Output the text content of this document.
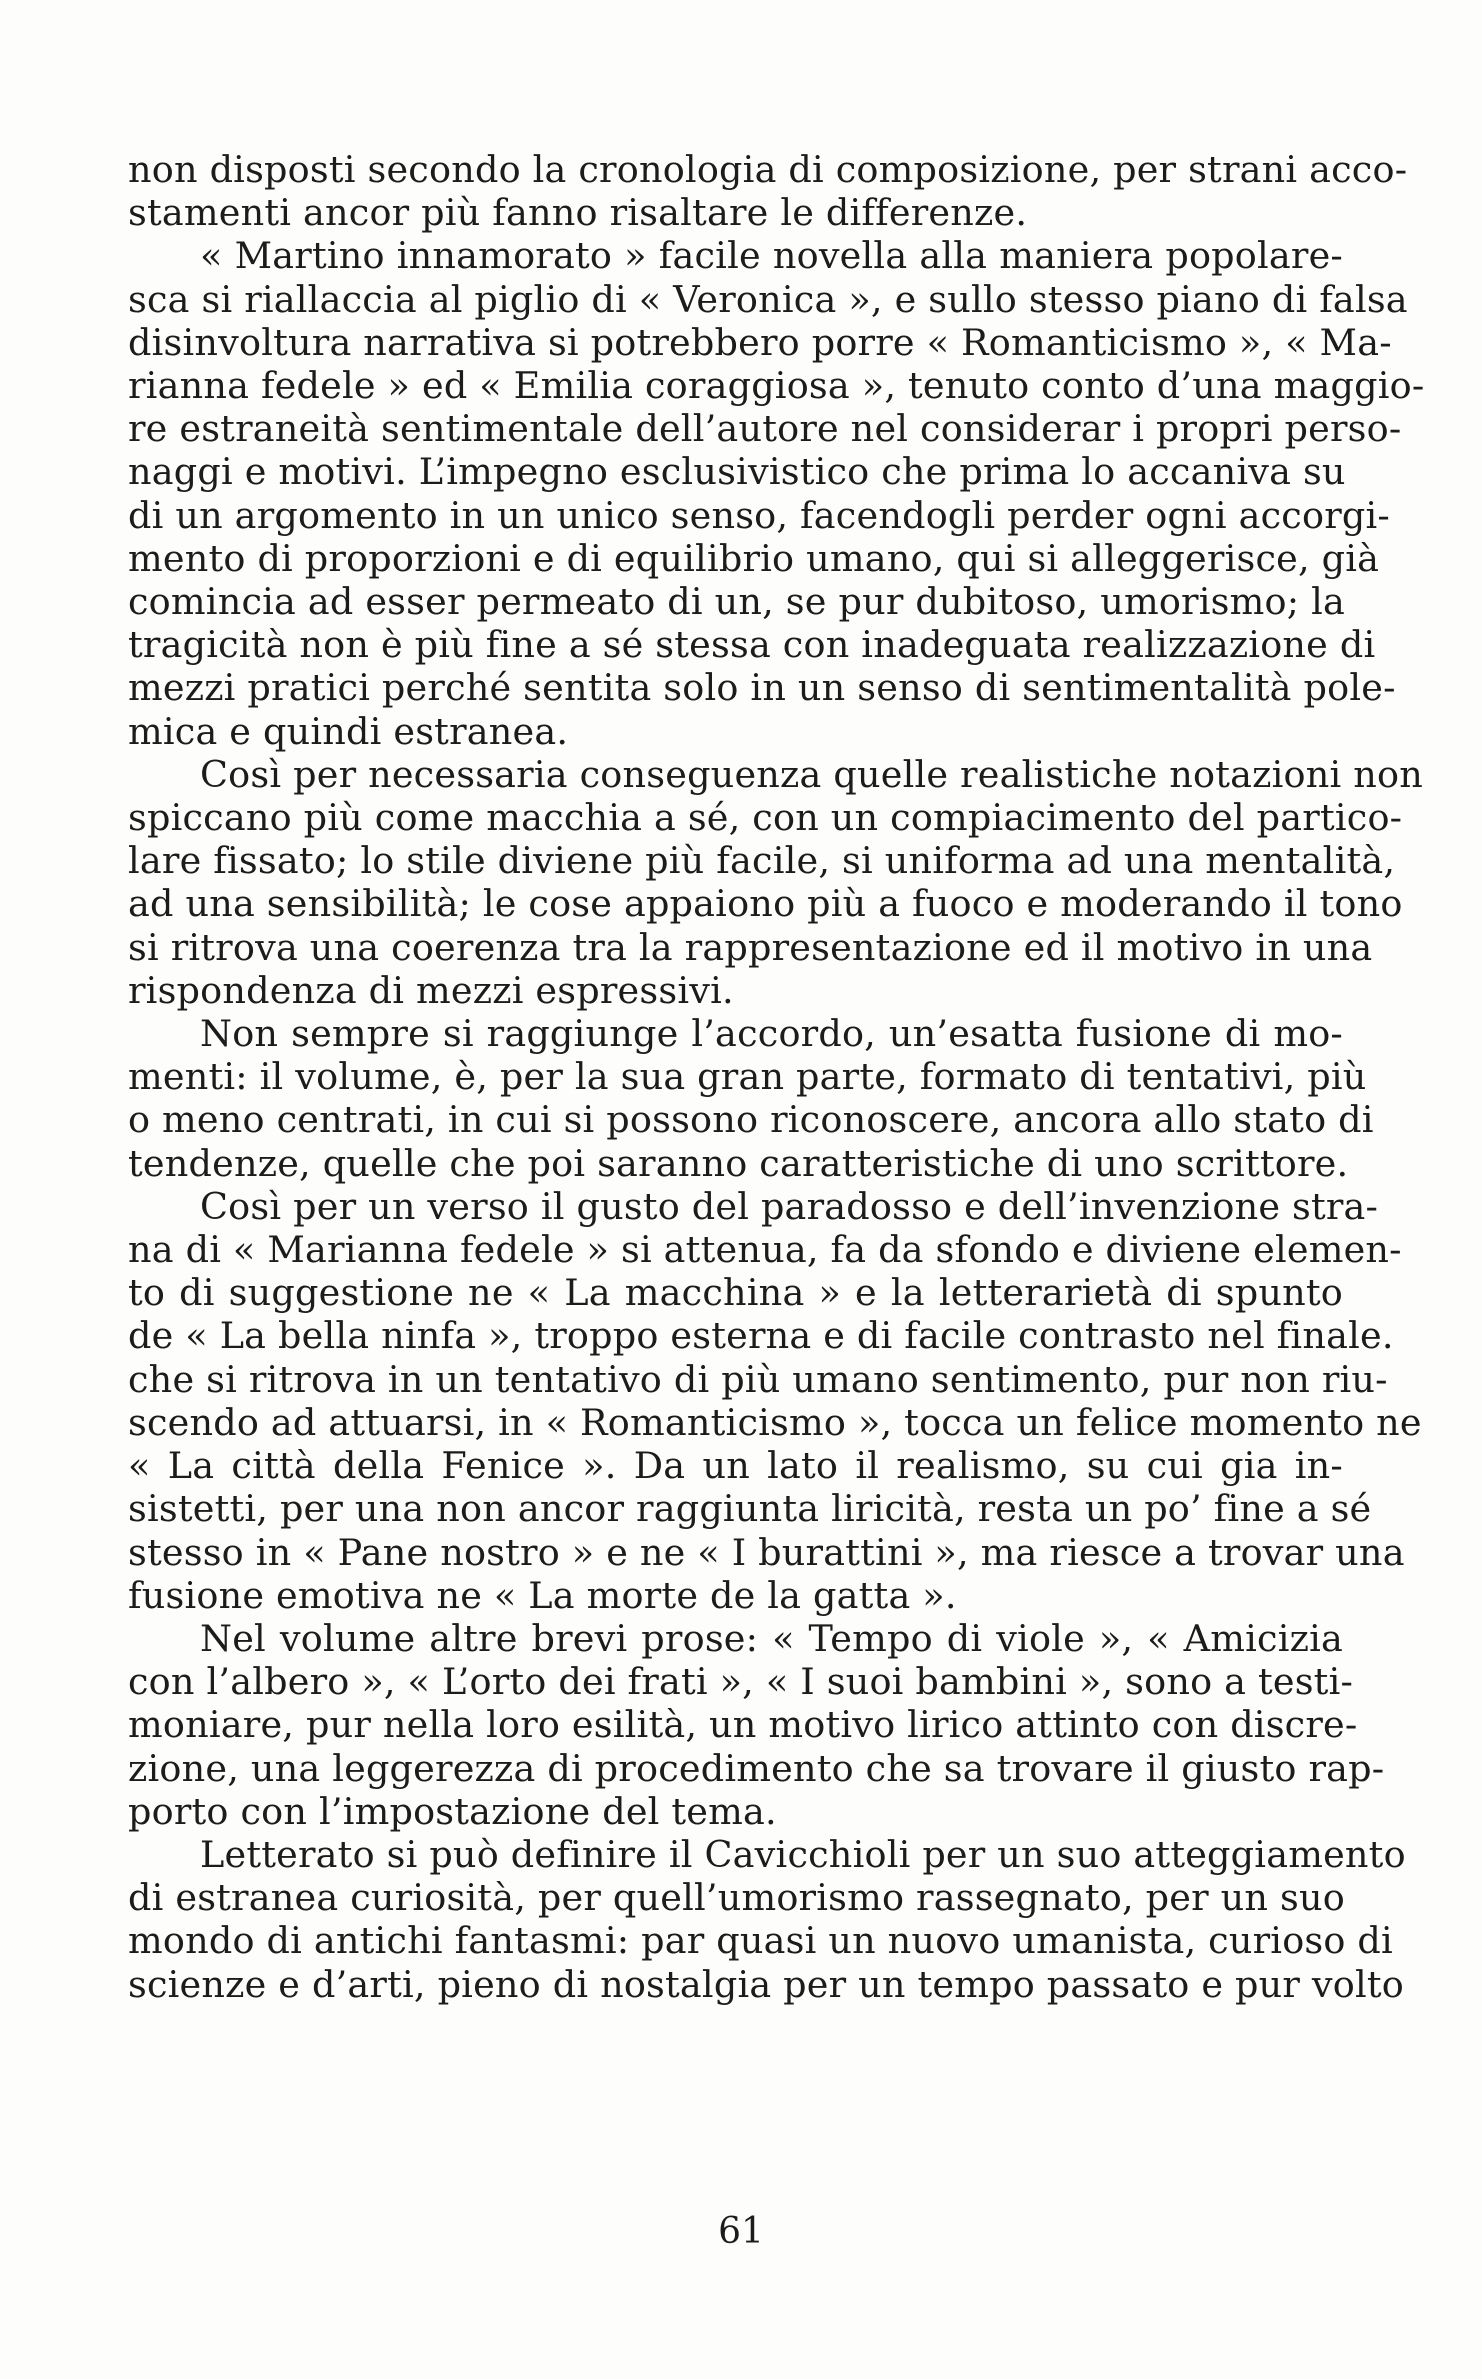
non disposti secondo la cronologia di composizione, per strani acco-
stamenti ancor più fanno risaltare le differenze.
« Martino innamorato » facile novella alla maniera popolare-
sca si riallaccia al piglio di « Veronica », e sullo stesso piano di falsa
disinvoltura narrativa si potrebbero porre « Romanticismo », « Ma-
rianna fedele » ed « Emilia coraggiosa », tenuto conto d’una maggio-
re estraneità sentimentale dell’autore nel considerar i propri perso-
naggi e motivi. L’impegno esclusivistico che prima lo accaniva su
di un argomento in un unico senso, facendogli perder ogni accorgi-
mento di proporzioni e di equilibrio umano, qui si alleggerisce, già
comincia ad esser permeato di un, se pur dubitoso, umorismo; la
tragicità non è più fine a sé stessa con inadeguata realizzazione di
mezzi pratici perché sentita solo in un senso di sentimentalità pole-
mica e quindi estranea.
Così per necessaria conseguenza quelle realistiche notazioni non
spiccano più come macchia a sé, con un compiacimento del partico-
lare fissato; lo stile diviene più facile, si uniforma ad una mentalità,
ad una sensibilità; le cose appaiono più a fuoco e moderando il tono
si ritrova una coerenza tra la rappresentazione ed il motivo in una
rispondenza di mezzi espressivi.
Non sempre si raggiunge l’accordo, un’esatta fusione di mo-
menti: il volume, è, per la sua gran parte, formato di tentativi, più
o meno centrati, in cui si possono riconoscere, ancora allo stato di
tendenze, quelle che poi saranno caratteristiche di uno scrittore.
Così per un verso il gusto del paradosso e dell’invenzione stra-
na di « Marianna fedele » si attenua, fa da sfondo e diviene elemen-
to di suggestione ne « La macchina » e la letterarietà di spunto
de « La bella ninfa », troppo esterna e di facile contrasto nel finale.
che si ritrova in un tentativo di più umano sentimento, pur non riu-
scendo ad attuarsi, in « Romanticismo », tocca un felice momento ne
« La città della Fenice ». Da un lato il realismo, su cui gia in-
sistetti, per una non ancor raggiunta liricità, resta un po’ fine a sé
stesso in « Pane nostro » e ne « I burattini », ma riesce a trovar una
fusione emotiva ne « La morte de la gatta ».
Nel volume altre brevi prose: « Tempo di viole », « Amicizia
con l’albero », « L’orto dei frati », « I suoi bambini », sono a testi-
moniare, pur nella loro esilità, un motivo lirico attinto con discre-
zione, una leggerezza di procedimento che sa trovare il giusto rap-
porto con l’impostazione del tema.
Letterato si può definire il Cavicchioli per un suo atteggiamento
di estranea curiosità, per quell’umorismo rassegnato, per un suo
mondo di antichi fantasmi: par quasi un nuovo umanista, curioso di
scienze e d’arti, pieno di nostalgia per un tempo passato e pur volto
61
